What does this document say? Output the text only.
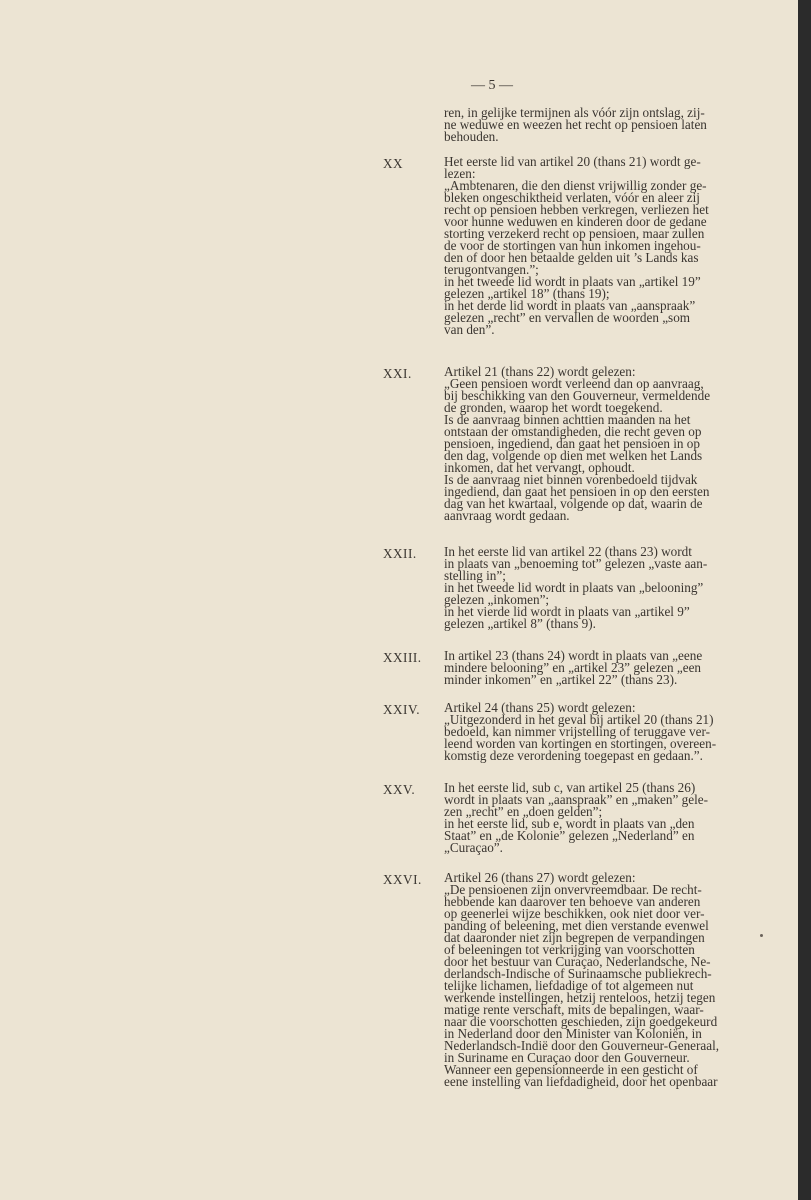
— 5 —
ren, in gelijke termijnen als vóór zijn ontslag, zij-
ne weduwe en weezen het recht op pensioen laten
behouden.
XX	Het eerste lid van artikel 20 (thans 21) wordt ge-
lezen:
„Ambtenaren, die den dienst vrijwillig zonder ge-
bleken ongeschiktheid verlaten, vóór en aleer zij
recht op pensioen hebben verkregen, verliezen het
voor hunne weduwen en kinderen door de gedane
storting verzekerd recht op pensioen, maar zullen
de voor de stortingen van hun inkomen ingehou-
den of door hen betaalde gelden uit ’s Lands kas
terugontvangen.”;
in het tweede lid wordt in plaats van „artikel 19”
gelezen „artikel 18” (thans 19);
in het derde lid wordt in plaats van „aanspraak”
gelezen „recht” en vervallen de woorden „som
van den”.
XXI. Artikel 21 (thans 22) wordt gelezen:
„Geen pensioen wordt verleend dan op aanvraag,
bij beschikking van den Gouverneur, vermeldende
de gronden, waarop het wordt toegekend.
Is de aanvraag binnen achttien maanden na het
ontstaan der omstandigheden, die recht geven op
pensioen, ingediend, dan gaat het pensioen in op
den dag, volgende op dien met welken het Lands
inkomen, dat het vervangt, ophoudt.
Is de aanvraag niet binnen vorenbedoeld tijdvak
ingediend, dan gaat het pensioen in op den eersten
dag van het kwartaal, volgende op dat, waarin de
aanvraag wordt gedaan.
XXII. In het eerste lid van artikel 22 (thans 23) wordt
in plaats van „benoeming tot” gelezen „vaste aan-
stelling in”;
in het tweede lid wordt in plaats van „belooning”
gelezen „inkomen”;
in het vierde lid wordt in plaats van „artikel 9”
gelezen „artikel 8” (thans 9).
XXIII. In artikel 23 (thans 24) wordt in plaats van „eene
mindere belooning” en „artikel 23” gelezen „een
minder inkomen” en „artikel 22” (thans 23).
XXIV. Artikel 24 (thans 25) wordt gelezen:
„Uitgezonderd in het geval bij artikel 20 (thans 21)
bedoeld, kan nimmer vrijstelling of teruggave ver-
leend worden van kortingen en stortingen, overeen-
komstig deze verordening toegepast en gedaan.”.
XXV. In het eerste lid, sub c, van artikel 25 (thans 26)
wordt in plaats van „aanspraak” en „maken” gele-
zen „recht” en „doen gelden”;
in het eerste lid, sub e, wordt in plaats van „den
Staat” en „de Kolonie” gelezen „Nederland” en
„Curaçao”.
XXVI. Artikel 26 (thans 27) wordt gelezen:
„De pensioenen zijn onvervreemdbaar. De recht-
hebbende kan daarover ten behoeve van anderen
op geenerlei wijze beschikken, ook niet door ver-
panding of beleening, met dien verstande evenwel
dat daaronder niet zijn begrepen de verpandingen
of beleeningen tot verkrijging van voorschotten
door het bestuur van Curaçao, Nederlandsche, Ne-
derlandsch-Indische of Surinaamsche publiekrech-
telijke lichamen, liefdadige of tot algemeen nut
werkende instellingen, hetzij renteloos, hetzij tegen
matige rente verschaft, mits de bepalingen, waar-
naar die voorschotten geschieden, zijn goedgekeurd
in Nederland door den Minister van Koloniën, in
Nederlandsch-Indië door den Gouverneur-Generaal,
in Suriname en Curaçao door den Gouverneur.
Wanneer een gepensionneerde in een gesticht of
eene instelling van liefdadigheid, door het openbaar
